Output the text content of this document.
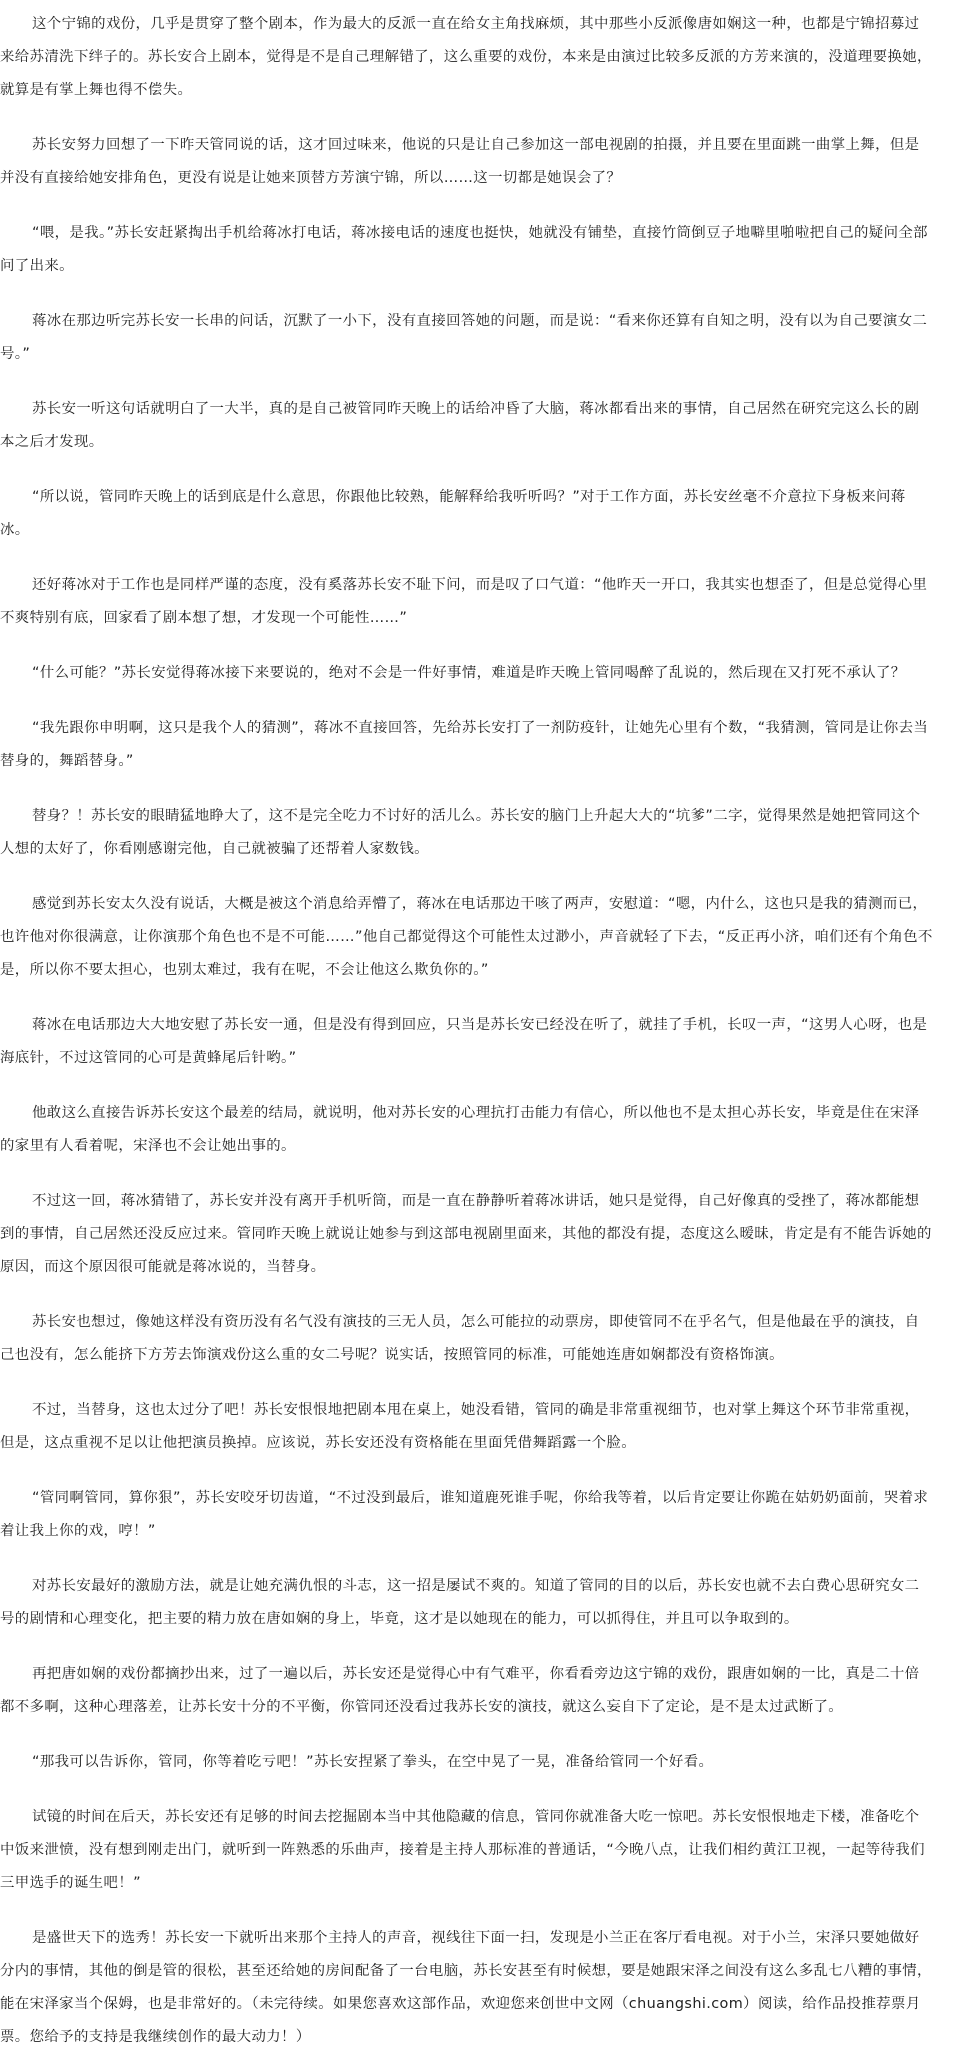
这个宁锦的戏份，几乎是贯穿了整个剧本，作为最大的反派一直在给女主角找麻烦，其中那些小反派像唐如娴这一种，也都是宁锦招募过来给苏清洗下绊子的。苏长安合上剧本，觉得是不是自己理解错了，这么重要的戏份，本来是由演过比较多反派的方芳来演的，没道理要换她，就算是有掌上舞也得不偿失。

苏长安努力回想了一下昨天管同说的话，这才回过味来，他说的只是让自己参加这一部电视剧的拍摄，并且要在里面跳一曲掌上舞，但是并没有直接给她安排角色，更没有说是让她来顶替方芳演宁锦，所以……这一切都是她误会了？

“喂，是我。”苏长安赶紧掏出手机给蒋冰打电话，蒋冰接电话的速度也挺快，她就没有铺垫，直接竹筒倒豆子地噼里啪啦把自己的疑问全部问了出来。

蒋冰在那边听完苏长安一长串的问话，沉默了一小下，没有直接回答她的问题，而是说：“看来你还算有自知之明，没有以为自己要演女二号。”

苏长安一听这句话就明白了一大半，真的是自己被管同昨天晚上的话给冲昏了大脑，蒋冰都看出来的事情，自己居然在研究完这么长的剧本之后才发现。

“所以说，管同昨天晚上的话到底是什么意思，你跟他比较熟，能解释给我听听吗？”对于工作方面，苏长安丝毫不介意拉下身板来问蒋冰。

还好蒋冰对于工作也是同样严谨的态度，没有奚落苏长安不耻下问，而是叹了口气道：“他昨天一开口，我其实也想歪了，但是总觉得心里不爽特别有底，回家看了剧本想了想，才发现一个可能性……”

“什么可能？”苏长安觉得蒋冰接下来要说的，绝对不会是一件好事情，难道是昨天晚上管同喝醉了乱说的，然后现在又打死不承认了？

“我先跟你申明啊，这只是我个人的猜测”，蒋冰不直接回答，先给苏长安打了一剂防疫针，让她先心里有个数，“我猜测，管同是让你去当替身的，舞蹈替身。”

替身？！苏长安的眼睛猛地睁大了，这不是完全吃力不讨好的活儿么。苏长安的脑门上升起大大的“坑爹”二字，觉得果然是她把管同这个人想的太好了，你看刚感谢完他，自己就被骗了还帮着人家数钱。

感觉到苏长安太久没有说话，大概是被这个消息给弄懵了，蒋冰在电话那边干咳了两声，安慰道：“嗯，内什么，这也只是我的猜测而已，也许他对你很满意，让你演那个角色也不是不可能……”他自己都觉得这个可能性太过渺小，声音就轻了下去，“反正再小济，咱们还有个角色不是，所以你不要太担心，也别太难过，我有在呢，不会让他这么欺负你的。”

蒋冰在电话那边大大地安慰了苏长安一通，但是没有得到回应，只当是苏长安已经没在听了，就挂了手机，长叹一声，“这男人心呀，也是海底针，不过这管同的心可是黄蜂尾后针哟。”

他敢这么直接告诉苏长安这个最差的结局，就说明，他对苏长安的心理抗打击能力有信心，所以他也不是太担心苏长安，毕竟是住在宋泽的家里有人看着呢，宋泽也不会让她出事的。

不过这一回，蒋冰猜错了，苏长安并没有离开手机听筒，而是一直在静静听着蒋冰讲话，她只是觉得，自己好像真的受挫了，蒋冰都能想到的事情，自己居然还没反应过来。管同昨天晚上就说让她参与到这部电视剧里面来，其他的都没有提，态度这么暧昧，肯定是有不能告诉她的原因，而这个原因很可能就是蒋冰说的，当替身。

苏长安也想过，像她这样没有资历没有名气没有演技的三无人员，怎么可能拉的动票房，即使管同不在乎名气，但是他最在乎的演技，自己也没有，怎么能挤下方芳去饰演戏份这么重的女二号呢？说实话，按照管同的标准，可能她连唐如娴都没有资格饰演。

不过，当替身，这也太过分了吧！苏长安恨恨地把剧本甩在桌上，她没看错，管同的确是非常重视细节，也对掌上舞这个环节非常重视，但是，这点重视不足以让他把演员换掉。应该说，苏长安还没有资格能在里面凭借舞蹈露一个脸。

“管同啊管同，算你狠”，苏长安咬牙切齿道，“不过没到最后，谁知道鹿死谁手呢，你给我等着，以后肯定要让你跪在姑奶奶面前，哭着求着让我上你的戏，哼！”

对苏长安最好的激励方法，就是让她充满仇恨的斗志，这一招是屡试不爽的。知道了管同的目的以后，苏长安也就不去白费心思研究女二号的剧情和心理变化，把主要的精力放在唐如娴的身上，毕竟，这才是以她现在的能力，可以抓得住，并且可以争取到的。

再把唐如娴的戏份都摘抄出来，过了一遍以后，苏长安还是觉得心中有气难平，你看看旁边这宁锦的戏份，跟唐如娴的一比，真是二十倍都不多啊，这种心理落差，让苏长安十分的不平衡，你管同还没看过我苏长安的演技，就这么妄自下了定论，是不是太过武断了。

“那我可以告诉你，管同，你等着吃亏吧！”苏长安捏紧了拳头，在空中晃了一晃，准备给管同一个好看。

试镜的时间在后天，苏长安还有足够的时间去挖掘剧本当中其他隐藏的信息，管同你就准备大吃一惊吧。苏长安恨恨地走下楼，准备吃个中饭来泄愤，没有想到刚走出门，就听到一阵熟悉的乐曲声，接着是主持人那标准的普通话，“今晚八点，让我们相约黄江卫视，一起等待我们三甲选手的诞生吧！”

是盛世天下的选秀！苏长安一下就听出来那个主持人的声音，视线往下面一扫，发现是小兰正在客厅看电视。对于小兰，宋泽只要她做好分内的事情，其他的倒是管的很松，甚至还给她的房间配备了一台电脑，苏长安甚至有时候想，要是她跟宋泽之间没有这么多乱七八糟的事情，能在宋泽家当个保姆，也是非常好的。（未完待续。如果您喜欢这部作品，欢迎您来创世中文网（chuangshi.com）阅读，给作品投推荐票月票。您给予的支持是我继续创作的最大动力！）
